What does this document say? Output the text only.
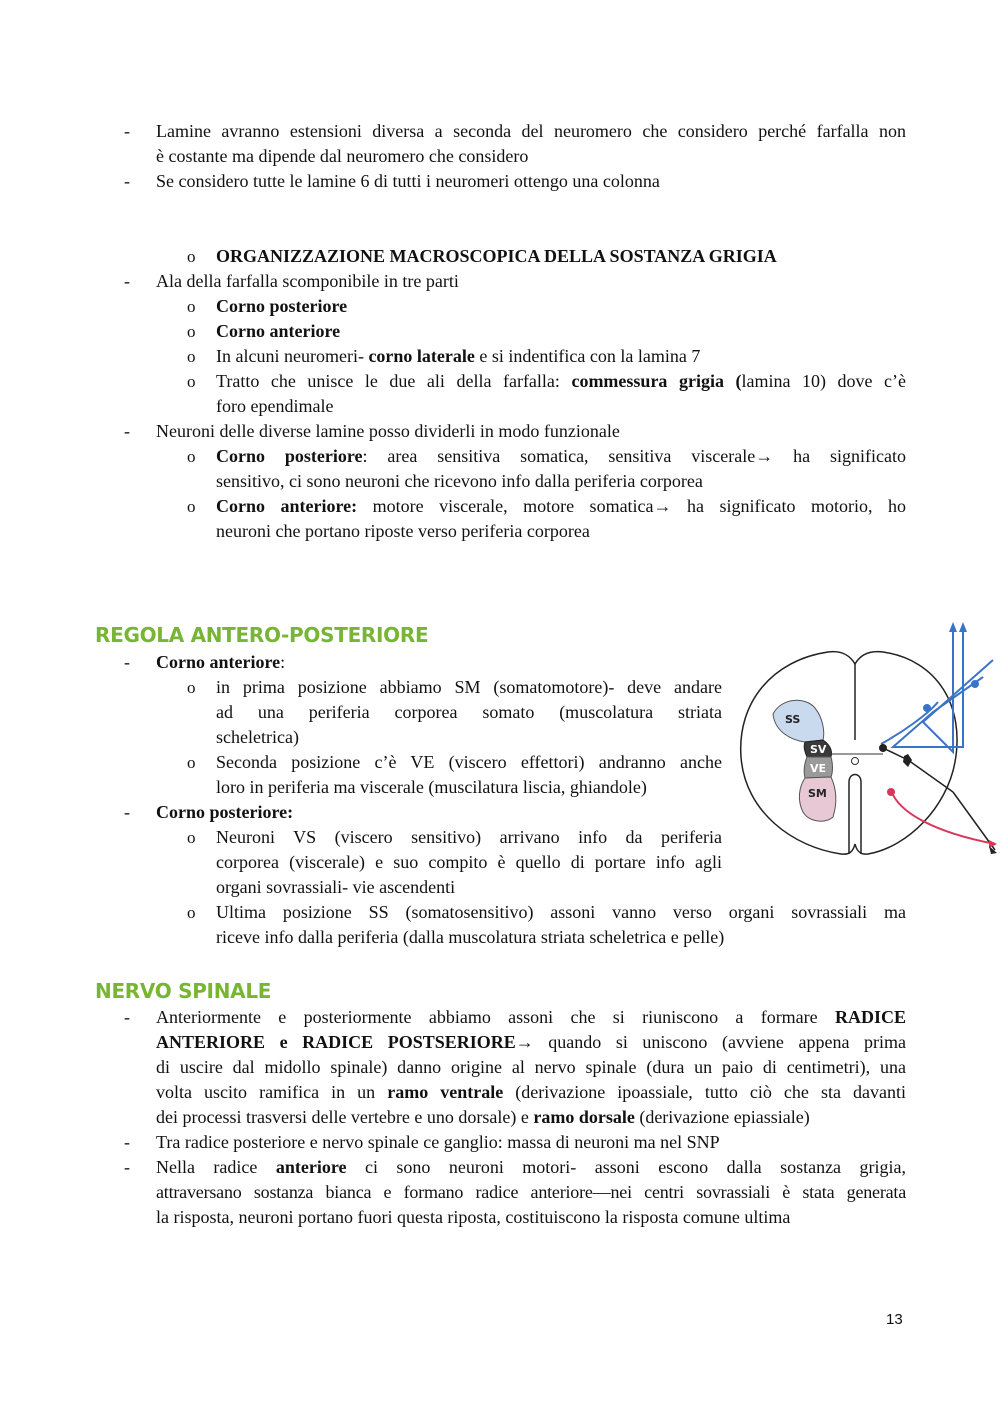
- Lamine avranno estensioni diversa a seconda del neuromero che considero perché farfalla non
è costante ma dipende dal neuromero che considero
- Se considero tutte le lamine 6 di tutti i neuromeri ottengo una colonna
o ORGANIZZAZIONE MACROSCOPICA DELLA SOSTANZA GRIGIA
- Ala della farfalla scomponibile in tre parti
o Corno posteriore
o Corno anteriore
o In alcuni neuromeri- corno laterale e si indentifica con la lamina 7
o Tratto che unisce le due ali della farfalla: commessura grigia (lamina 10) dove c’è
foro ependimale
- Neuroni delle diverse lamine posso dividerli in modo funzionale
o Corno posteriore: area sensitiva somatica, sensitiva viscerale→ ha significato
sensitivo, ci sono neuroni che ricevono info dalla periferia corporea
o Corno anteriore: motore viscerale, motore somatica→ ha significato motorio, ho
neuroni che portano riposte verso periferia corporea
REGOLA ANTERO-POSTERIORE
- Corno anteriore:
o in prima posizione abbiamo SM (somatomotore)- deve andare
ad una periferia corporea somato (muscolatura striata
scheletrica)
o Seconda posizione c’è VE (viscero effettori) andranno anche
loro in periferia ma viscerale (muscilatura liscia, ghiandole)
- Corno posteriore:
o Neuroni VS (viscero sensitivo) arrivano info da periferia
corporea (viscerale) e suo compito è quello di portare info agli
organi sovrassiali- vie ascendenti
o Ultima posizione SS (somatosensitivo) assoni vanno verso organi sovrassiali ma
riceve info dalla periferia (dalla muscolatura striata scheletrica e pelle)
SS
SV
VE
SM
NERVO SPINALE
- Anteriormente e posteriormente abbiamo assoni che si riuniscono a formare RADICE
ANTERIORE e RADICE POSTSERIORE→ quando si uniscono (avviene appena prima
di uscire dal midollo spinale) danno origine al nervo spinale (dura un paio di centimetri), una
volta uscito ramifica in un ramo ventrale (derivazione ipoassiale, tutto ciò che sta davanti
dei processi trasversi delle vertebre e uno dorsale) e ramo dorsale (derivazione epiassiale)
- Tra radice posteriore e nervo spinale ce ganglio: massa di neuroni ma nel SNP
- Nella radice anteriore ci sono neuroni motori- assoni escono dalla sostanza grigia,
attraversano sostanza bianca e formano radice anteriore—nei centri sovrassiali è stata generata
la risposta, neuroni portano fuori questa riposta, costituiscono la risposta comune ultima
13
